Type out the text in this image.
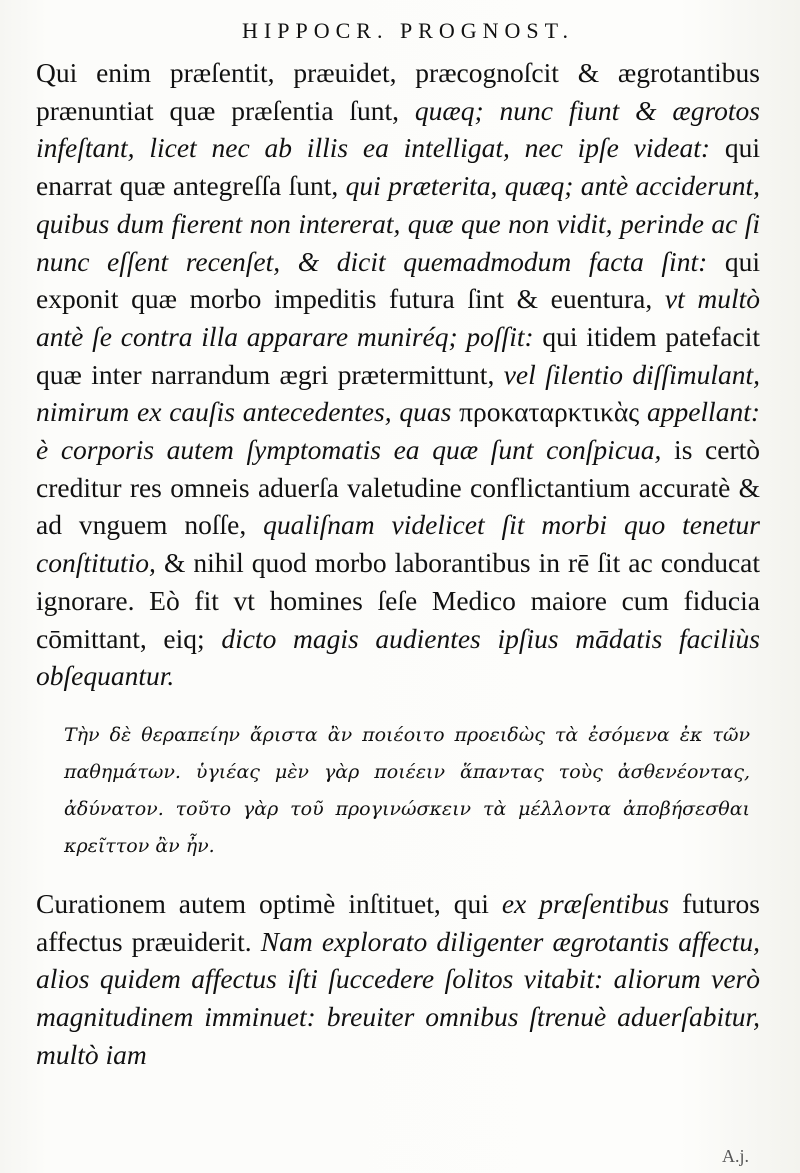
HIPPOCR. PROGNOST.

Qui enim præſentit, præuidet, præcognoſcit & ægrotantibus prænuntiat quæ præſentia ſunt, quæq; nunc fiunt & ægrotos infeſtant, licet nec ab illis ea intelligat, nec ipſe videat: qui enarrat quæ antegreſſa ſunt, qui præterita, quæq; antè acciderunt, quibus dum fierent non intererat, quæ que non vidit, perinde ac ſi nunc eſſent recenſet, & dicit quemadmodum facta ſint: qui exponit quæ morbo impeditis futura ſint & euentura, vt multò antè ſe contra illa apparare muniréq; poſſit: qui itidem patefacit quæ inter narrandum ægri prætermittunt, vel ſilentio diſſimulant, nimirum ex cauſis antecedentes, quas προκαταρκτικὰς appellant: è corporis autem ſymptomatis ea quæ ſunt conſpicua, is certò creditur res omneis aduerſa valetudine conflictantium accuratè & ad vnguem noſſe, qualiſnam videlicet ſit morbi quo tenetur conſtitutio, & nihil quod morbo laborantibus in rē ſit ac conducat ignorare. Eò fit vt homines ſeſe Medico maiore cum fiducia cōmittant, eiq; dicto magis audientes ipſius mādatis faciliùs obſequantur.

Τὴν δὲ θεραπείην ἄριστα ἂν ποιέοιτο προειδὼς τὰ ἐσόμενα ἐκ τῶν παθημάτων. ὑγιέας μὲν γὰρ ποιέειν ἅπαντας τοὺς ἀσθενέοντας, ἀδύνατον. τοῦτο γὰρ τοῦ προγινώσκειν τὰ μέλλοντα ἀποβήσεσθαι κρεῖττον ἂν ἦν.

Curationem autem optimè inſtituet, qui ex præſentibus futuros affectus præuiderit. Nam explorato diligenter ægrotantis affectu, alios quidem affectus iſti ſuccedere ſolitos vitabit: aliorum verò magnitudinem imminuet: breuiter omnibus ſtrenuè aduerſabitur, multò iam

A.j.
